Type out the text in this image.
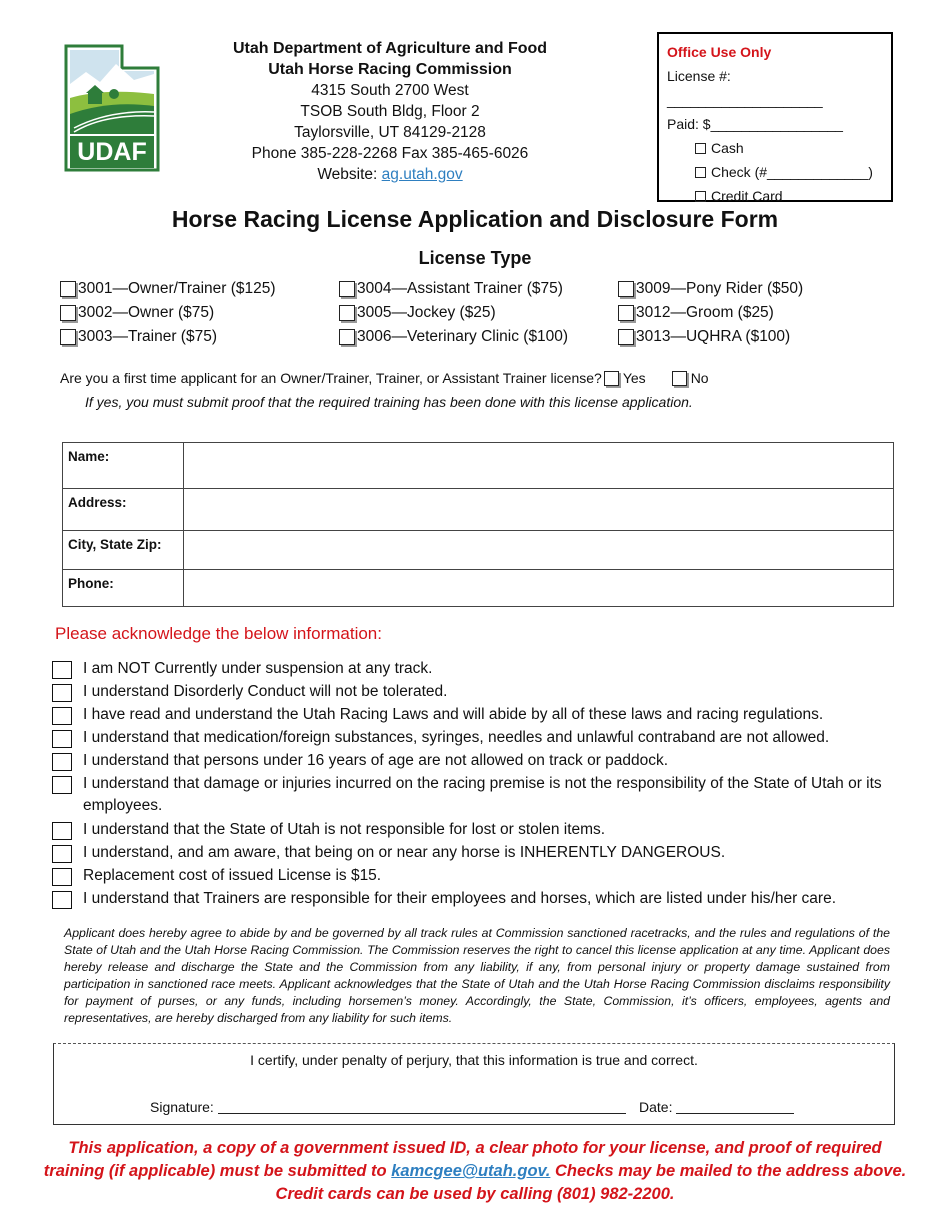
UDAF
Utah Department of Agriculture and Food
Utah Horse Racing Commission
4315 South 2700 West
TSOB South Bldg, Floor 2
Taylorsville, UT 84129-2128
Phone 385-228-2268 Fax 385-465-6026
Website: ag.utah.gov
Office Use Only
License #: ____________________
Paid: $_________________
Cash
Check (#_____________)
Credit Card
Horse Racing License Application and Disclosure Form
License Type
3001—Owner/Trainer ($125)
3002—Owner ($75)
3003—Trainer ($75)
3004—Assistant Trainer ($75)
3005—Jockey ($25)
3006—Veterinary Clinic ($100)
3009—Pony Rider ($50)
3012—Groom ($25)
3013—UQHRA ($100)
Are you a first time applicant for an Owner/Trainer, Trainer, or Assistant Trainer license? Yes	No
If yes, you must submit proof that the required training has been done with this license application.
Name:	
Address:	
City, State Zip:	
Phone:	
Please acknowledge the below information:
I am NOT Currently under suspension at any track.
I understand Disorderly Conduct will not be tolerated.
I have read and understand the Utah Racing Laws and will abide by all of these laws and racing regulations.
I understand that medication/foreign substances, syringes, needles and unlawful contraband are not allowed.
I understand that persons under 16 years of age are not allowed on track or paddock.
I understand that damage or injuries incurred on the racing premise is not the responsibility of the State of Utah or its employees.
I understand that the State of Utah is not responsible for lost or stolen items.
I understand, and am aware, that being on or near any horse is INHERENTLY DANGEROUS.
Replacement cost of issued License is $15.
I understand that Trainers are responsible for their employees and horses, which are listed under his/her care.
Applicant does hereby agree to abide by and be governed by all track rules at Commission sanctioned racetracks, and the rules and regulations of the State of Utah and the Utah Horse Racing Commission. The Commission reserves the right to cancel this license application at any time. Applicant does hereby release and discharge the State and the Commission from any liability, if any, from personal injury or property damage sustained from participation in sanctioned race meets. Applicant acknowledges that the State of Utah and the Utah Horse Racing Commission disclaims responsibility for payment of purses, or any funds, including horsemen’s money. Accordingly, the State, Commission, it’s officers, employees, agents and representatives, are hereby discharged from any liability for such items.
I certify, under penalty of perjury, that this information is true and correct.
Signature:	Date:
This application, a copy of a government issued ID, a clear photo for your license, and proof of required training (if applicable) must be submitted to kamcgee@utah.gov. Checks may be mailed to the address above.
Credit cards can be used by calling (801) 982-2200.
